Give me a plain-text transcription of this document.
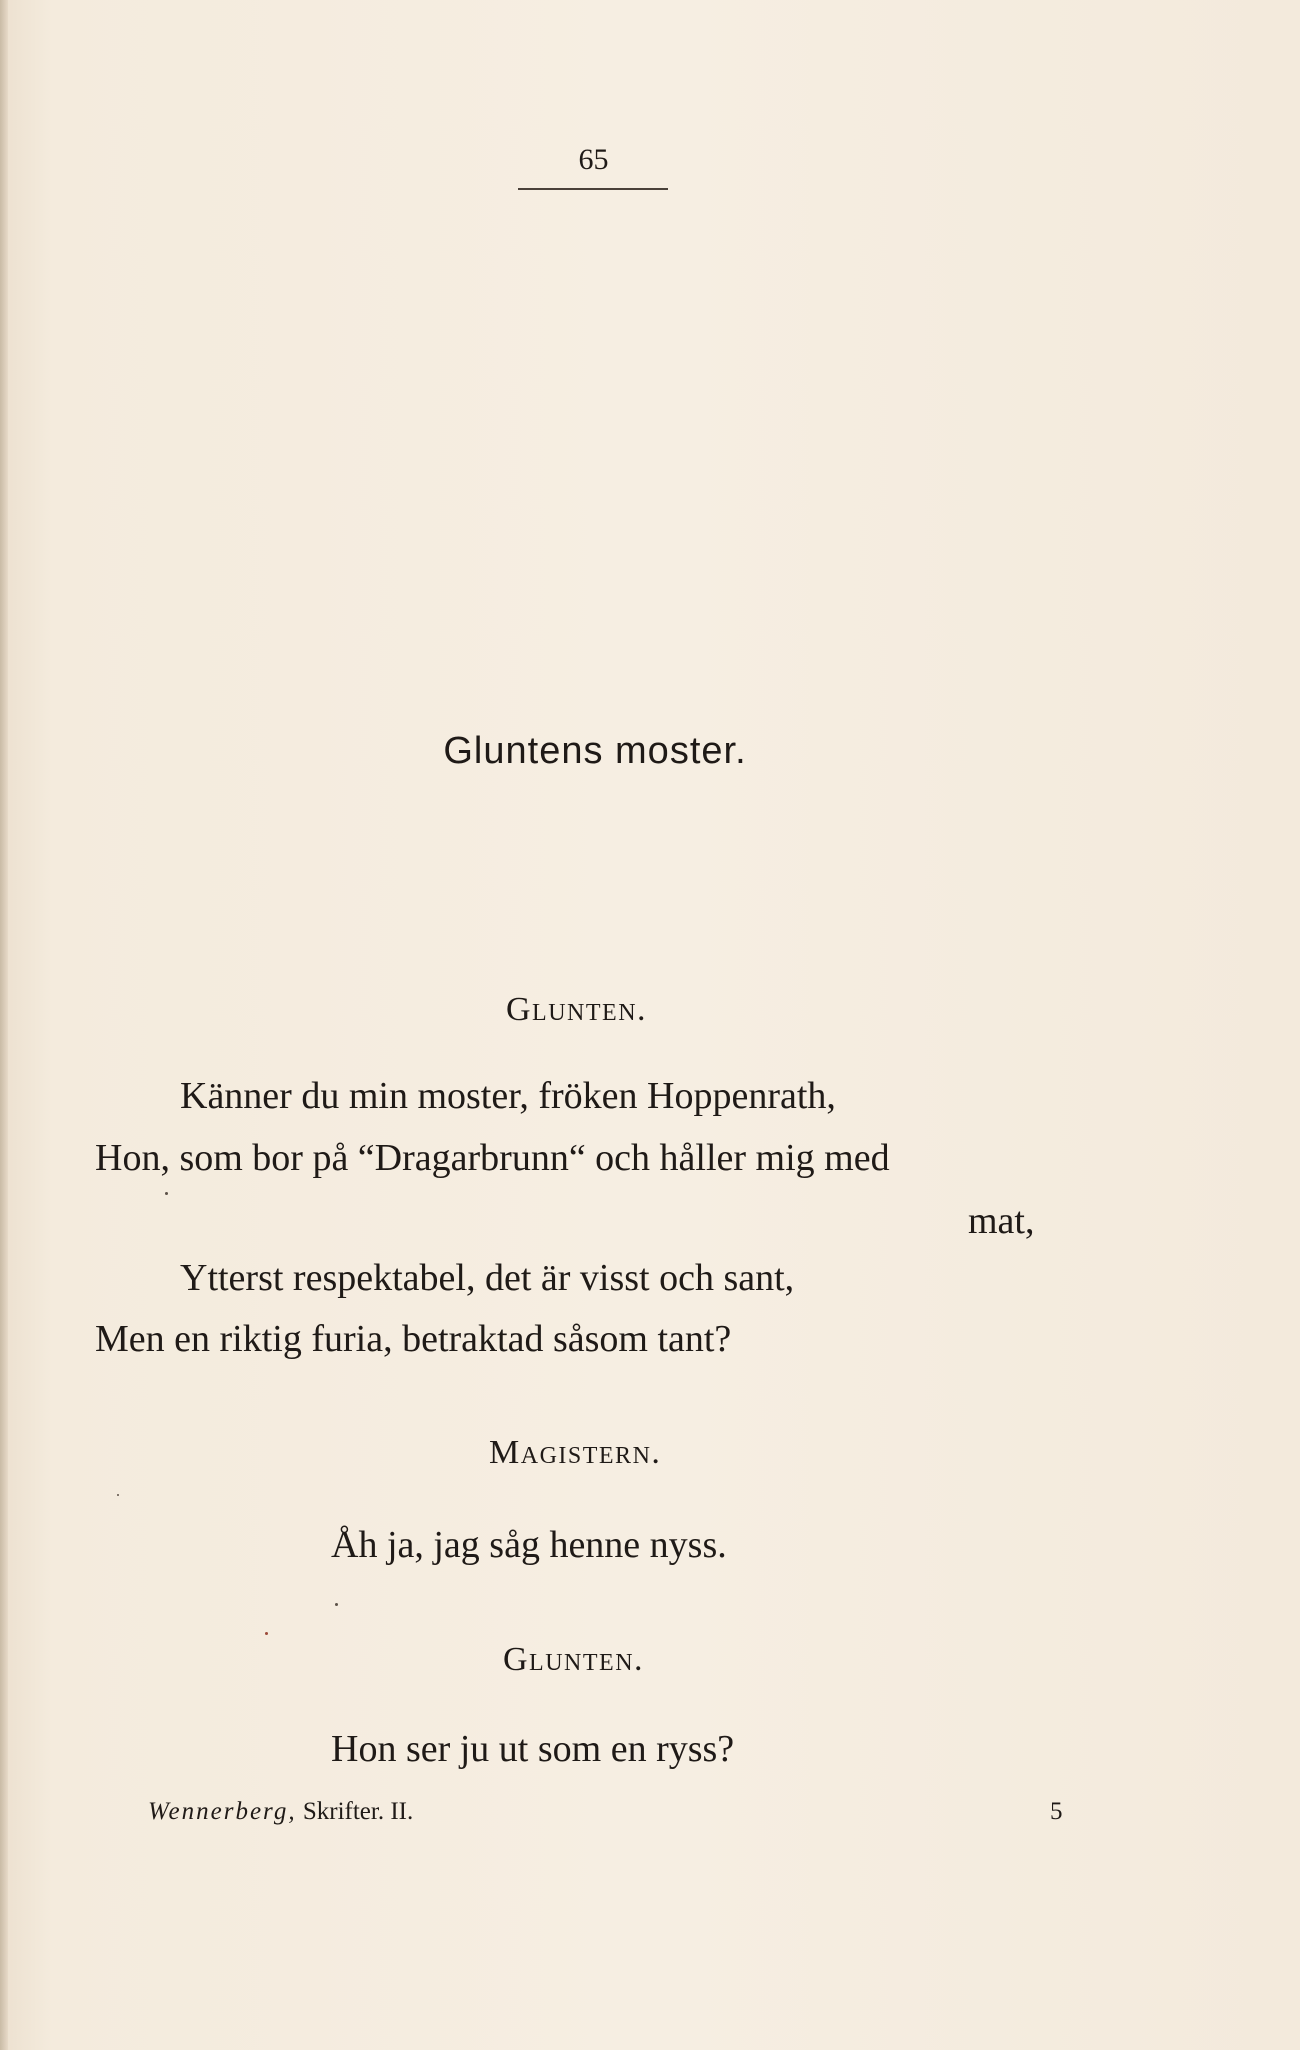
65
Gluntens moster.
Glunten.
Känner du min moster, fröken Hoppenrath,
Hon, som bor på “Dragarbrunn“ och håller mig med
mat,
Ytterst respektabel, det är visst och sant,
Men en riktig furia, betraktad såsom tant?
Magistern.
Åh ja, jag såg henne nyss.
Glunten.
Hon ser ju ut som en ryss?
Wennerberg, Skrifter. II.	5
